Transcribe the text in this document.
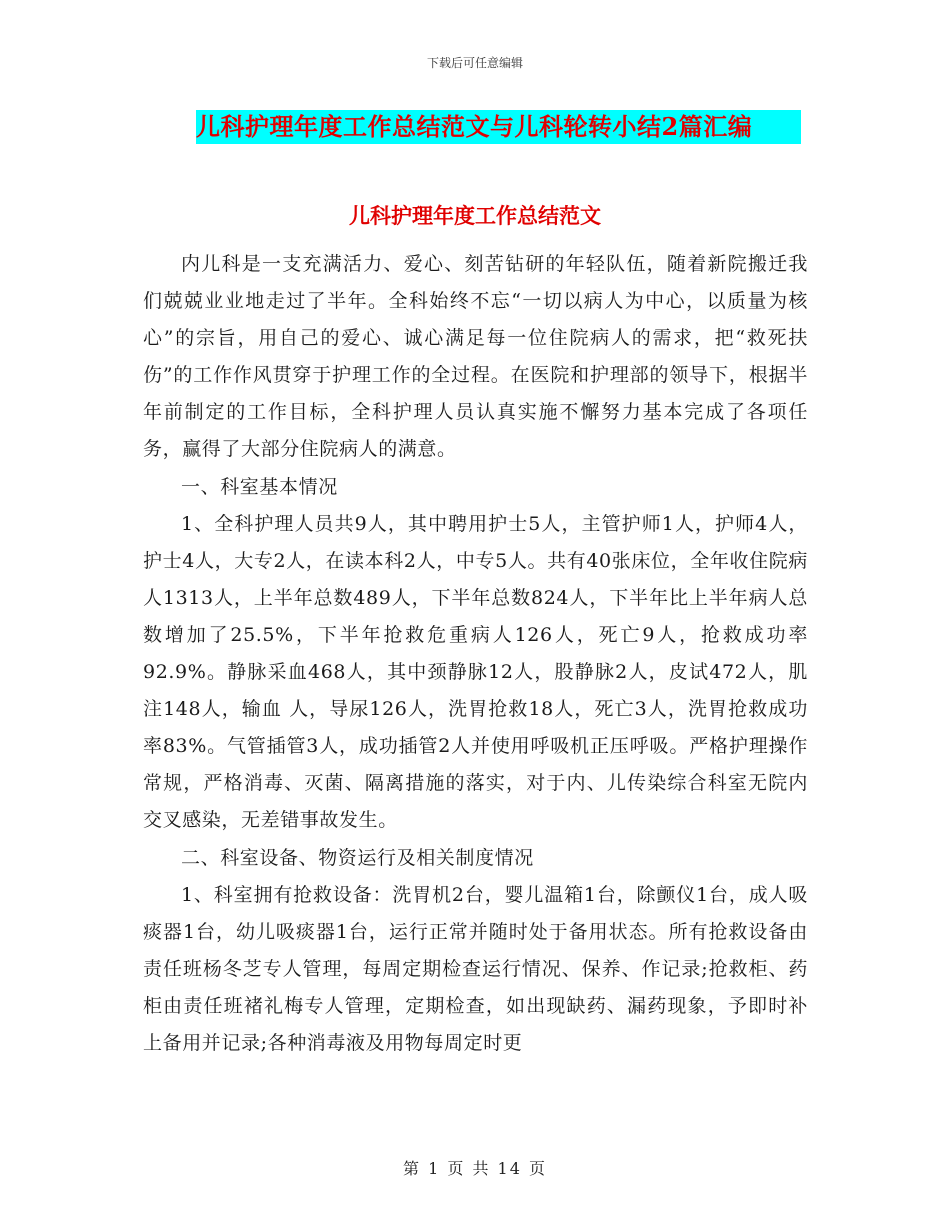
下载后可任意编辑
儿科护理年度工作总结范文与儿科轮转小结2篇汇编
儿科护理年度工作总结范文

内儿科是一支充满活力、爱心、刻苦钻研的年轻队伍，随着新院搬迁我们兢兢业业地走过了半年。全科始终不忘“一切以病人为中心，以质量为核心”的宗旨，用自己的爱心、诚心满足每一位住院病人的需求，把“救死扶伤”的工作作风贯穿于护理工作的全过程。在医院和护理部的领导下，根据半年前制定的工作目标，全科护理人员认真实施不懈努力基本完成了各项任务，赢得了大部分住院病人的满意。

一、科室基本情况

1、全科护理人员共9人，其中聘用护士5人，主管护师1人，护师4人，护士4人，大专2人，在读本科2人，中专5人。共有40张床位，全年收住院病人1313人，上半年总数489人，下半年总数824人，下半年比上半年病人总数增加了25.5%，下半年抢救危重病人126人，死亡9人，抢救成功率92.9%。静脉采血468人，其中颈静脉12人，股静脉2人，皮试472人，肌注148人，输血 人，导尿126人，洗胃抢救18人，死亡3人，洗胃抢救成功率83%。气管插管3人，成功插管2人并使用呼吸机正压呼吸。严格护理操作常规，严格消毒、灭菌、隔离措施的落实，对于内、儿传染综合科室无院内交叉感染，无差错事故发生。

二、科室设备、物资运行及相关制度情况

1、科室拥有抢救设备：洗胃机2台，婴儿温箱1台，除颤仪1台，成人吸痰器1台，幼儿吸痰器1台，运行正常并随时处于备用状态。所有抢救设备由责任班杨冬芝专人管理，每周定期检查运行情况、保养、作记录;抢救柜、药柜由责任班褚礼梅专人管理，定期检查，如出现缺药、漏药现象，予即时补上备用并记录;各种消毒液及用物每周定时更

第 1 页 共 14 页
